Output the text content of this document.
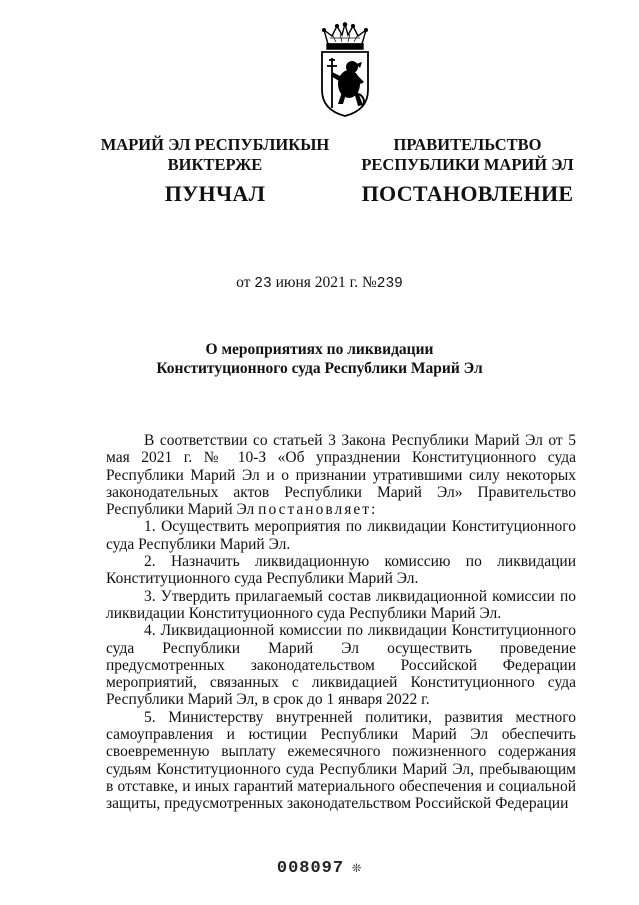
МАРИЙ ЭЛ РЕСПУБЛИКЫН
ВИКТЕРЖЕ
ПУНЧАЛ
ПРАВИТЕЛЬСТВО
РЕСПУБЛИКИ МАРИЙ ЭЛ
ПОСТАНОВЛЕНИЕ
от 23 июня 2021 г. №239
О мероприятиях по ликвидации
Конституционного суда Республики Марий Эл

В соответствии со статьей 3 Закона Республики Марий Эл от 5 мая 2021 г. № 10-З «Об упразднении Конституционного суда Республики Марий Эл и о признании утратившими силу некоторых законодательных актов Республики Марий Эл» Правительство Республики Марий Эл постановляет:

1. Осуществить мероприятия по ликвидации Конституционного суда Республики Марий Эл.

2. Назначить ликвидационную комиссию по ликвидации Конституционного суда Республики Марий Эл.

3. Утвердить прилагаемый состав ликвидационной комиссии по ликвидации Конституционного суда Республики Марий Эл.

4. Ликвидационной комиссии по ликвидации Конституционного суда Республики Марий Эл осуществить проведение предусмотренных законодательством Российской Федерации мероприятий, связанных с ликвидацией Конституционного суда Республики Марий Эл, в срок до 1 января 2022 г.

5. Министерству внутренней политики, развития местного самоуправления и юстиции Республики Марий Эл обеспечить своевременную выплату ежемесячного пожизненного содержания судьям Конституционного суда Республики Марий Эл, пребывающим в отставке, и иных гарантий материального обеспечения и социальной защиты, предусмотренных законодательством Российской Федерации

008097 ❊
